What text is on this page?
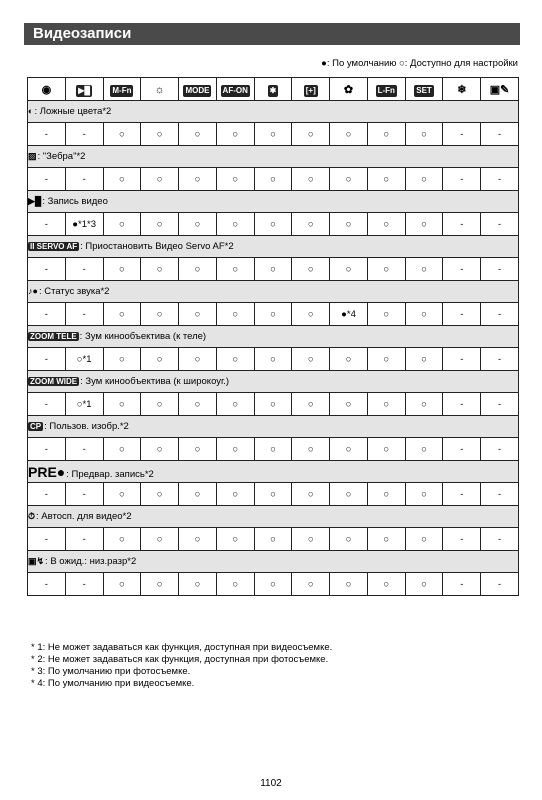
Видеозаписи
●: По умолчанию ○: Доступно для настройки
◉	▶█	M-Fn	☼	MODE	AF-ON	✱	[+]	✿	L-Fn	SET	❄	▣✎
◐: Ложные цвета*2												
-	-	○	○	○	○	○	○	○	○	○	-	-
▨: "Зебра"*2												
-	-	○	○	○	○	○	○	○	○	○	-	-
▶█: Запись видео												
-	●*1*3	○	○	○	○	○	○	○	○	○	-	-
II SERVO AF : Приостановить Видео Servo AF*2												
-	-	○	○	○	○	○	○	○	○	○	-	-
♪●: Статус звука*2												
-	-	○	○	○	○	○	○	●*4	○	○	-	-
ZOOM TELE : Зум кинообъектива (к теле)												
-	○*1	○	○	○	○	○	○	○	○	○	-	-
ZOOM WIDE : Зум кинообъектива (к широкоуг.)												
-	○*1	○	○	○	○	○	○	○	○	○	-	-
CP : Пользов. изобр.*2												
-	-	○	○	○	○	○	○	○	○	○	-	-
PRE●: Предвар. запись*2												
-	-	○	○	○	○	○	○	○	○	○	-	-
⏱: Автосп. для видео*2												
-	-	○	○	○	○	○	○	○	○	○	-	-
▣↯: В ожид.: низ.разр*2												
-	-	○	○	○	○	○	○	○	○	○	-	-
* 1: Не может задаваться как функция, доступная при видеосъемке.
* 2: Не может задаваться как функция, доступная при фотосъемке.
* 3: По умолчанию при фотосъемке.
* 4: По умолчанию при видеосъемке.
1102
